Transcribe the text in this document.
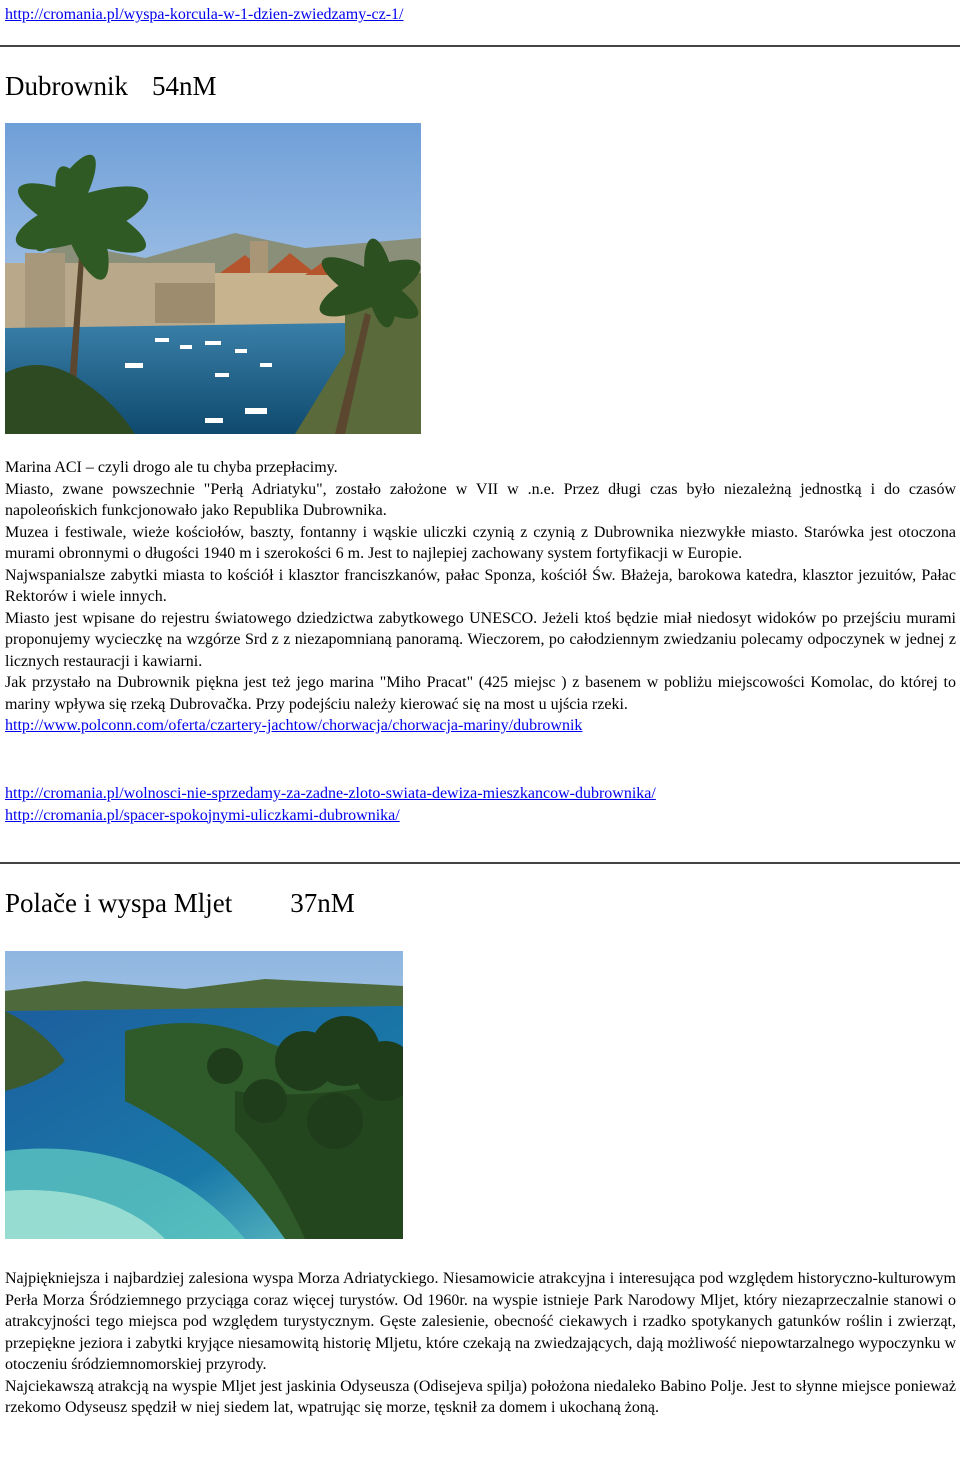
http://cromania.pl/wyspa-korcula-w-1-dzien-zwiedzamy-cz-1/
Dubrownik 54nM

Marina ACI – czyli drogo ale tu chyba przepłacimy.

Miasto, zwane powszechnie "Perłą Adriatyku", zostało założone w VII w .n.e. Przez długi czas było niezależną jednostką i do czasów napoleońskich funkcjonowało jako Republika Dubrownika.

Muzea i festiwale, wieże kościołów, baszty, fontanny i wąskie uliczki czynią z czynią z Dubrownika niezwykłe miasto. Starówka jest otoczona murami obronnymi o długości 1940 m i szerokości 6 m. Jest to najlepiej zachowany system fortyfikacji w Europie.

Najwspanialsze zabytki miasta to kościół i klasztor franciszkanów, pałac Sponza, kościół Św. Błażeja, barokowa katedra, klasztor jezuitów, Pałac Rektorów i wiele innych.

Miasto jest wpisane do rejestru światowego dziedzictwa zabytkowego UNESCO. Jeżeli ktoś będzie miał niedosyt widoków po przejściu murami proponujemy wycieczkę na wzgórze Srd z z niezapomnianą panoramą. Wieczorem, po całodziennym zwiedzaniu polecamy odpoczynek w jednej z licznych restauracji i kawiarni.

Jak przystało na Dubrownik piękna jest też jego marina "Miho Pracat" (425 miejsc ) z basenem w pobliżu miejscowości Komolac, do której to mariny wpływa się rzeką Dubrovačka. Przy podejściu należy kierować się na most u ujścia rzeki.

http://www.polconn.com/oferta/czartery-jachtow/chorwacja/chorwacja-mariny/dubrownik

http://cromania.pl/wolnosci-nie-sprzedamy-za-zadne-zloto-swiata-dewiza-mieszkancow-dubrownika/
http://cromania.pl/spacer-spokojnymi-uliczkami-dubrownika/
Polače i wyspa Mljet 37nM

Najpiękniejsza i najbardziej zalesiona wyspa Morza Adriatyckiego. Niesamowicie atrakcyjna i interesująca pod względem historyczno-kulturowym Perła Morza Śródziemnego przyciąga coraz więcej turystów. Od 1960r. na wyspie istnieje Park Narodowy Mljet, który niezaprzeczalnie stanowi o atrakcyjności tego miejsca pod względem turystycznym. Gęste zalesienie, obecność ciekawych i rzadko spotykanych gatunków roślin i zwierząt, przepiękne jeziora i zabytki kryjące niesamowitą historię Mljetu, które czekają na zwiedzających, dają możliwość niepowtarzalnego wypoczynku w otoczeniu śródziemnomorskiej przyrody.

Najciekawszą atrakcją na wyspie Mljet jest jaskinia Odyseusza (Odisejeva spilja) położona niedaleko Babino Polje. Jest to słynne miejsce ponieważ rzekomo Odyseusz spędził w niej siedem lat, wpatrując się morze, tęsknił za domem i ukochaną żoną.
